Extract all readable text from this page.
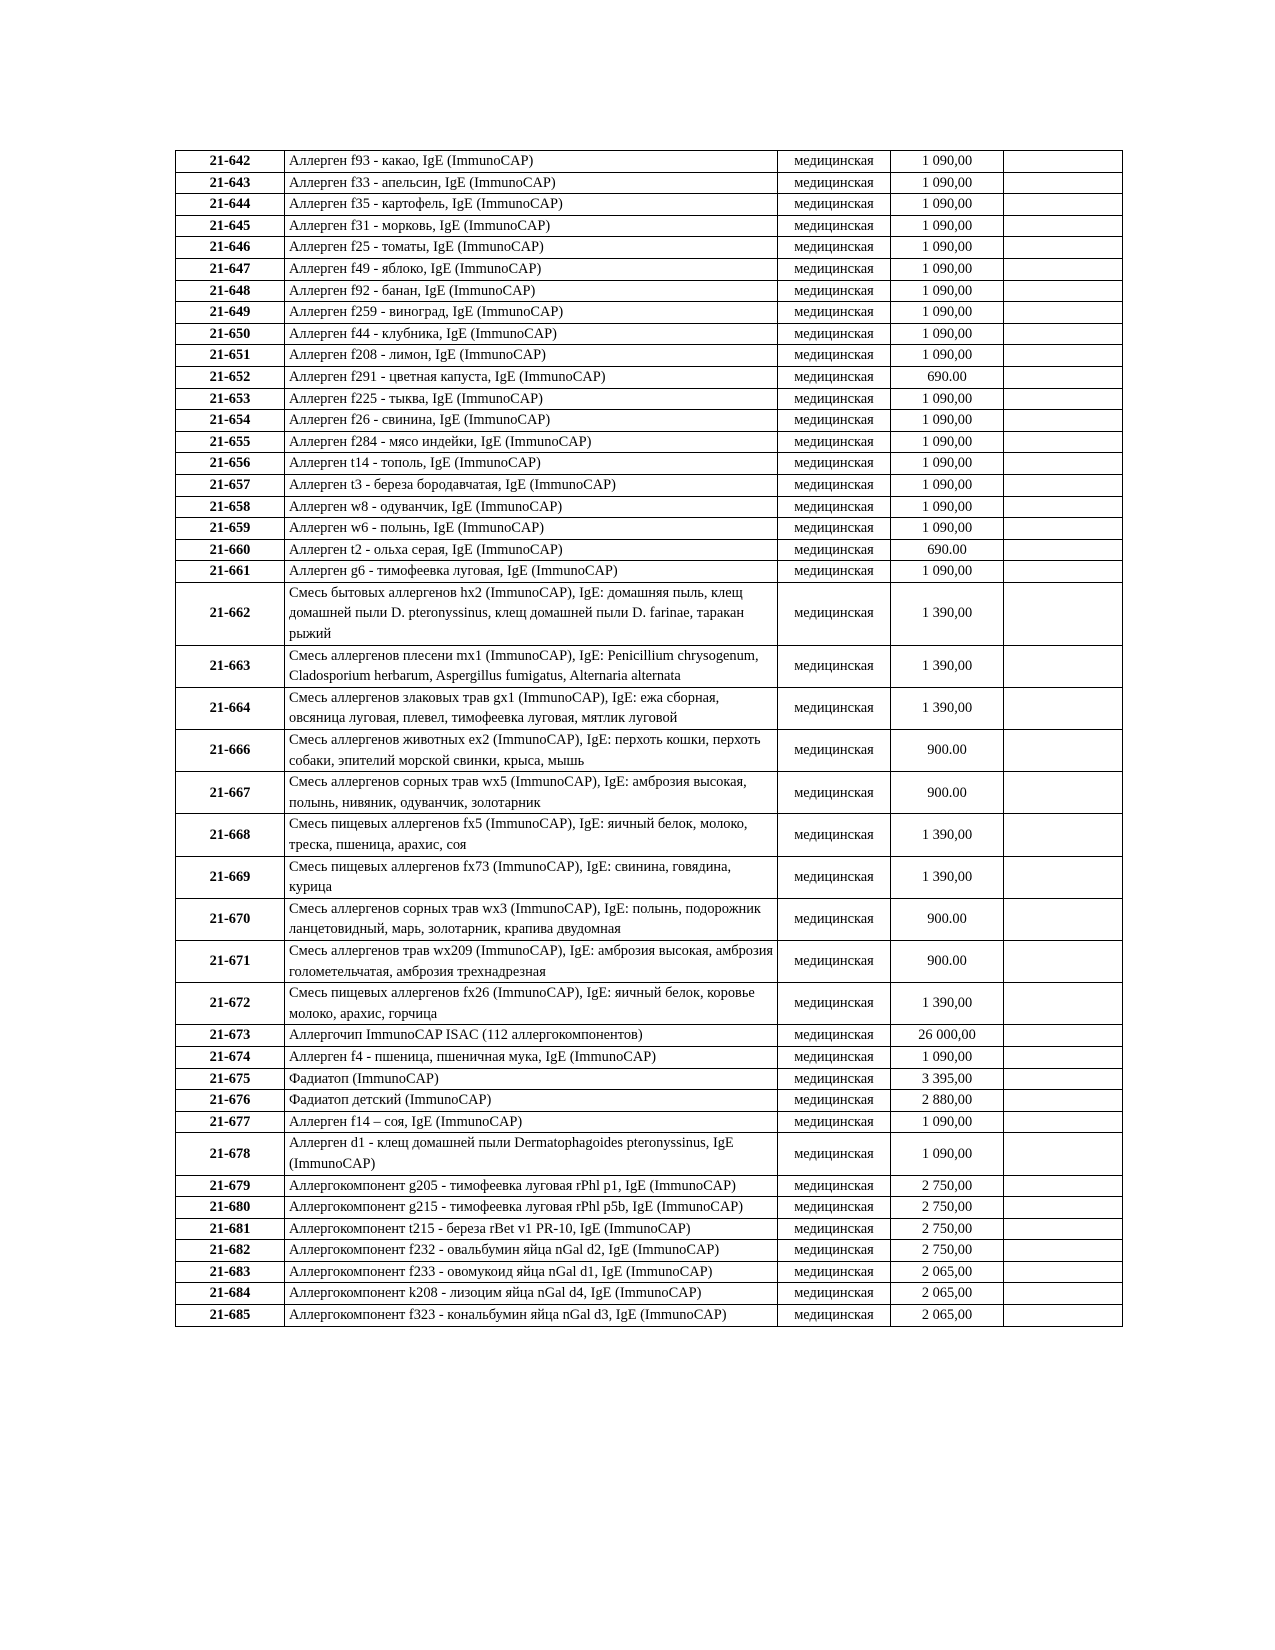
21-642	Аллерген f93 - какао, IgE (ImmunoCAP)	медицинская	1 090,00	
21-643	Аллерген f33 - апельсин, IgE (ImmunoCAP)	медицинская	1 090,00	
21-644	Аллерген f35 - картофель, IgE (ImmunoCAP)	медицинская	1 090,00	
21-645	Аллерген f31 - морковь, IgE (ImmunoCAP)	медицинская	1 090,00	
21-646	Аллерген f25 - томаты, IgE (ImmunoCAP)	медицинская	1 090,00	
21-647	Аллерген f49 - яблоко, IgE (ImmunoCAP)	медицинская	1 090,00	
21-648	Аллерген f92 - банан, IgE (ImmunoCAP)	медицинская	1 090,00	
21-649	Аллерген f259 - виноград, IgE (ImmunoCAP)	медицинская	1 090,00	
21-650	Аллерген f44 - клубника, IgE (ImmunoCAP)	медицинская	1 090,00	
21-651	Аллерген f208 - лимон, IgE (ImmunoCAP)	медицинская	1 090,00	
21-652	Аллерген f291 - цветная капуста, IgE (ImmunoCAP)	медицинская	690.00	
21-653	Аллерген f225 - тыква, IgE (ImmunoCAP)	медицинская	1 090,00	
21-654	Аллерген f26 - свинина, IgE (ImmunoCAP)	медицинская	1 090,00	
21-655	Аллерген f284 - мясо индейки, IgE (ImmunoCAP)	медицинская	1 090,00	
21-656	Аллерген t14 - тополь, IgE (ImmunoCAP)	медицинская	1 090,00	
21-657	Аллерген t3 - береза бородавчатая, IgE (ImmunoCAP)	медицинская	1 090,00	
21-658	Аллерген w8 - одуванчик, IgE (ImmunoCAP)	медицинская	1 090,00	
21-659	Аллерген w6 - полынь, IgE (ImmunoCAP)	медицинская	1 090,00	
21-660	Аллерген t2 - ольха серая, IgE (ImmunoCAP)	медицинская	690.00	
21-661	Аллерген g6 - тимофеевка луговая, IgE (ImmunoCAP)	медицинская	1 090,00	
21-662	Смесь бытовых аллергенов hx2 (ImmunoCAP), IgE: домашняя пыль, клещ домашней пыли D. pteronyssinus, клещ домашней пыли D. farinae, таракан рыжий	медицинская	1 390,00	
21-663	Смесь аллергенов плесени mx1 (ImmunoCAP), IgE: Penicillium chrysogenum, Cladosporium herbarum, Aspergillus fumigatus, Alternaria alternata	медицинская	1 390,00	
21-664	Смесь аллергенов злаковых трав gx1 (ImmunoCAP), IgE: ежа сборная, овсяница луговая, плевел, тимофеевка луговая, мятлик луговой	медицинская	1 390,00	
21-666	Смесь аллергенов животных ex2 (ImmunoCAP), IgE: перхоть кошки, перхоть собаки, эпителий морской свинки, крыса, мышь	медицинская	900.00	
21-667	Смесь аллергенов сорных трав wx5 (ImmunoCAP), IgE: амброзия высокая, полынь, нивяник, одуванчик, золотарник	медицинская	900.00	
21-668	Смесь пищевых аллергенов fx5 (ImmunoCAP), IgE: яичный белок, молоко, треска, пшеница, арахис, соя	медицинская	1 390,00	
21-669	Смесь пищевых аллергенов fx73 (ImmunoCAP), IgE: свинина, говядина, курица	медицинская	1 390,00	
21-670	Смесь аллергенов сорных трав wx3 (ImmunoCAP), IgE: полынь, подорожник ланцетовидный, марь, золотарник, крапива двудомная	медицинская	900.00	
21-671	Смесь аллергенов трав wx209 (ImmunoCAP), IgE: амброзия высокая, амброзия голометельчатая, амброзия трехнадрезная	медицинская	900.00	
21-672	Смесь пищевых аллергенов fx26 (ImmunoCAP), IgE: яичный белок, коровье молоко, арахис, горчица	медицинская	1 390,00	
21-673	Аллергочип ImmunoCAP ISAC (112 аллергокомпонентов)	медицинская	26 000,00	
21-674	Аллерген f4 - пшеница, пшеничная мука, IgE (ImmunoCAP)	медицинская	1 090,00	
21-675	Фадиатоп (ImmunoCAP)	медицинская	3 395,00	
21-676	Фадиатоп детский (ImmunoCAP)	медицинская	2 880,00	
21-677	Аллерген f14 – соя, IgE (ImmunoCAP)	медицинская	1 090,00	
21-678	Аллерген d1 - клещ домашней пыли Dermatophagoides pteronyssinus, IgE (ImmunoCAP)	медицинская	1 090,00	
21-679	Аллергокомпонент g205 - тимофеевка луговая rPhl p1, IgE (ImmunoCAP)	медицинская	2 750,00	
21-680	Аллергокомпонент g215 - тимофеевка луговая rPhl p5b, IgE (ImmunoCAP)	медицинская	2 750,00	
21-681	Аллергокомпонент t215 - береза rBet v1 PR-10, IgE (ImmunoCAP)	медицинская	2 750,00	
21-682	Аллергокомпонент f232 - овальбумин яйца nGal d2, IgE (ImmunoCAP)	медицинская	2 750,00	
21-683	Аллергокомпонент f233 - овомукоид яйца nGal d1, IgE (ImmunoCAP)	медицинская	2 065,00	
21-684	Аллергокомпонент k208 - лизоцим яйца nGal d4, IgE (ImmunoCAP)	медицинская	2 065,00	
21-685	Аллергокомпонент f323 - кональбумин яйца nGal d3, IgE (ImmunoCAP)	медицинская	2 065,00	
